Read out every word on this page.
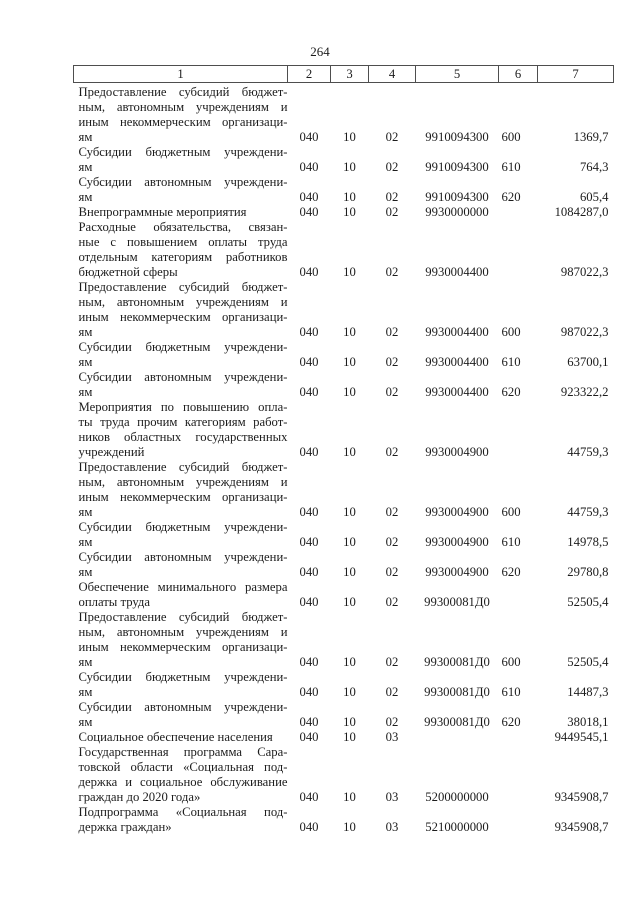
264
1	2	3	4	5	6	7

Предоставление субсидий бюджет-
ным, автономным учреждениям и
иным некоммерческим организаци-
ям	040	10	02	9910094300	600	1369,7

Субсидии бюджетным учреждени-
ям	040	10	02	9910094300	610	764,3

Субсидии автономным учреждени-
ям	040	10	02	9910094300	620	605,4

Внепрограммные мероприятия	040	10	02	9930000000		1084287,0

Расходные обязательства, связан-
ные с повышением оплаты труда
отдельным категориям работников
бюджетной сферы	040	10	02	9930004400		987022,3

Предоставление субсидий бюджет-
ным, автономным учреждениям и
иным некоммерческим организаци-
ям	040	10	02	9930004400	600	987022,3

Субсидии бюджетным учреждени-
ям	040	10	02	9930004400	610	63700,1

Субсидии автономным учреждени-
ям	040	10	02	9930004400	620	923322,2

Мероприятия по повышению опла-
ты труда прочим категориям работ-
ников областных государственных
учреждений	040	10	02	9930004900		44759,3

Предоставление субсидий бюджет-
ным, автономным учреждениям и
иным некоммерческим организаци-
ям	040	10	02	9930004900	600	44759,3

Субсидии бюджетным учреждени-
ям	040	10	02	9930004900	610	14978,5

Субсидии автономным учреждени-
ям	040	10	02	9930004900	620	29780,8

Обеспечение минимального размера
оплаты труда	040	10	02	99300081Д0		52505,4

Предоставление субсидий бюджет-
ным, автономным учреждениям и
иным некоммерческим организаци-
ям	040	10	02	99300081Д0	600	52505,4

Субсидии бюджетным учреждени-
ям	040	10	02	99300081Д0	610	14487,3

Субсидии автономным учреждени-
ям	040	10	02	99300081Д0	620	38018,1

Социальное обеспечение населения	040	10	03			9449545,1

Государственная программа Сара-
товской области «Социальная под-
держка и социальное обслуживание
граждан до 2020 года»	040	10	03	5200000000		9345908,7

Подпрограмма «Социальная под-
держка граждан»	040	10	03	5210000000		9345908,7
